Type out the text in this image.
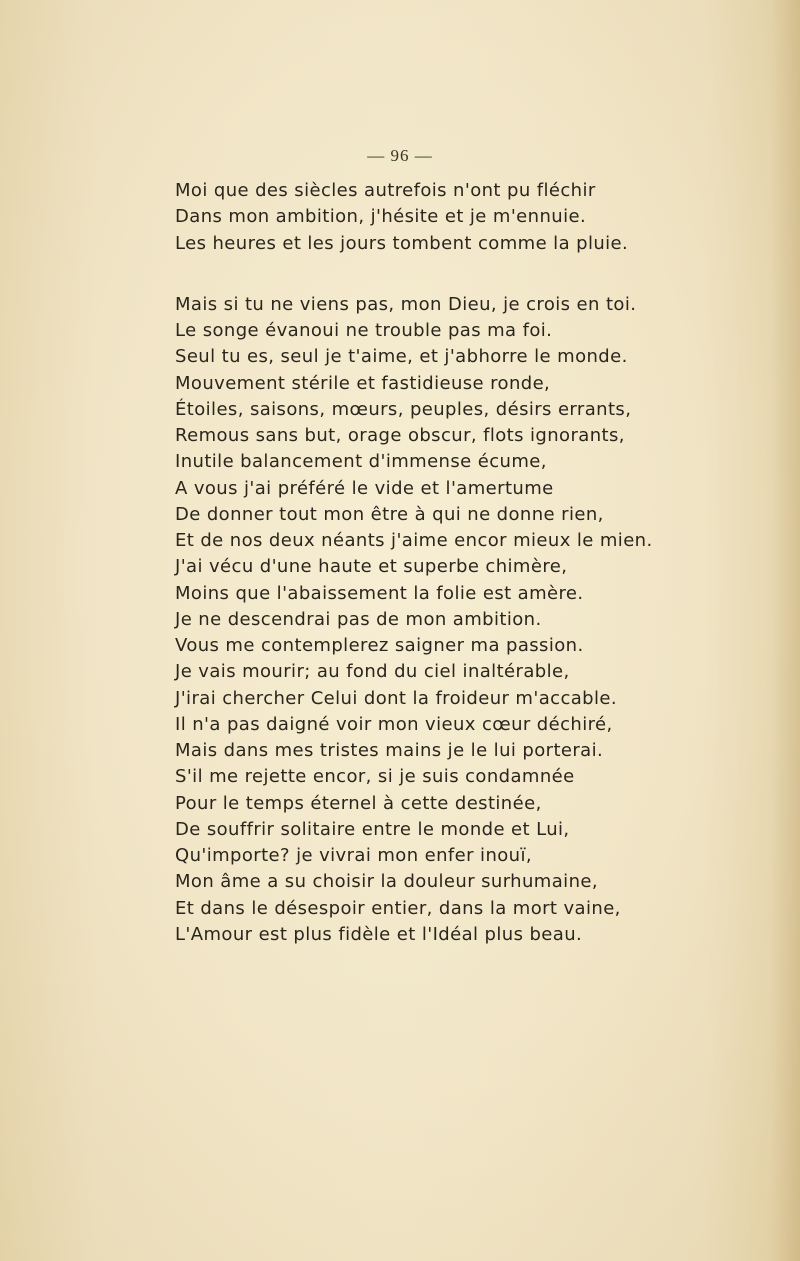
— 96 —
Moi que des siècles autrefois n'ont pu fléchir
Dans mon ambition, j'hésite et je m'ennuie.
Les heures et les jours tombent comme la pluie.
Mais si tu ne viens pas, mon Dieu, je crois en toi.
Le songe évanoui ne trouble pas ma foi.
Seul tu es, seul je t'aime, et j'abhorre le monde.
Mouvement stérile et fastidieuse ronde,
Étoiles, saisons, mœurs, peuples, désirs errants,
Remous sans but, orage obscur, flots ignorants,
Inutile balancement d'immense écume,
A vous j'ai préféré le vide et l'amertume
De donner tout mon être à qui ne donne rien,
Et de nos deux néants j'aime encor mieux le mien.
J'ai vécu d'une haute et superbe chimère,
Moins que l'abaissement la folie est amère.
Je ne descendrai pas de mon ambition.
Vous me contemplerez saigner ma passion.
Je vais mourir; au fond du ciel inaltérable,
J'irai chercher Celui dont la froideur m'accable.
Il n'a pas daigné voir mon vieux cœur déchiré,
Mais dans mes tristes mains je le lui porterai.
S'il me rejette encor, si je suis condamnée
Pour le temps éternel à cette destinée,
De souffrir solitaire entre le monde et Lui,
Qu'importe? je vivrai mon enfer inouï,
Mon âme a su choisir la douleur surhumaine,
Et dans le désespoir entier, dans la mort vaine,
L'Amour est plus fidèle et l'Idéal plus beau.
